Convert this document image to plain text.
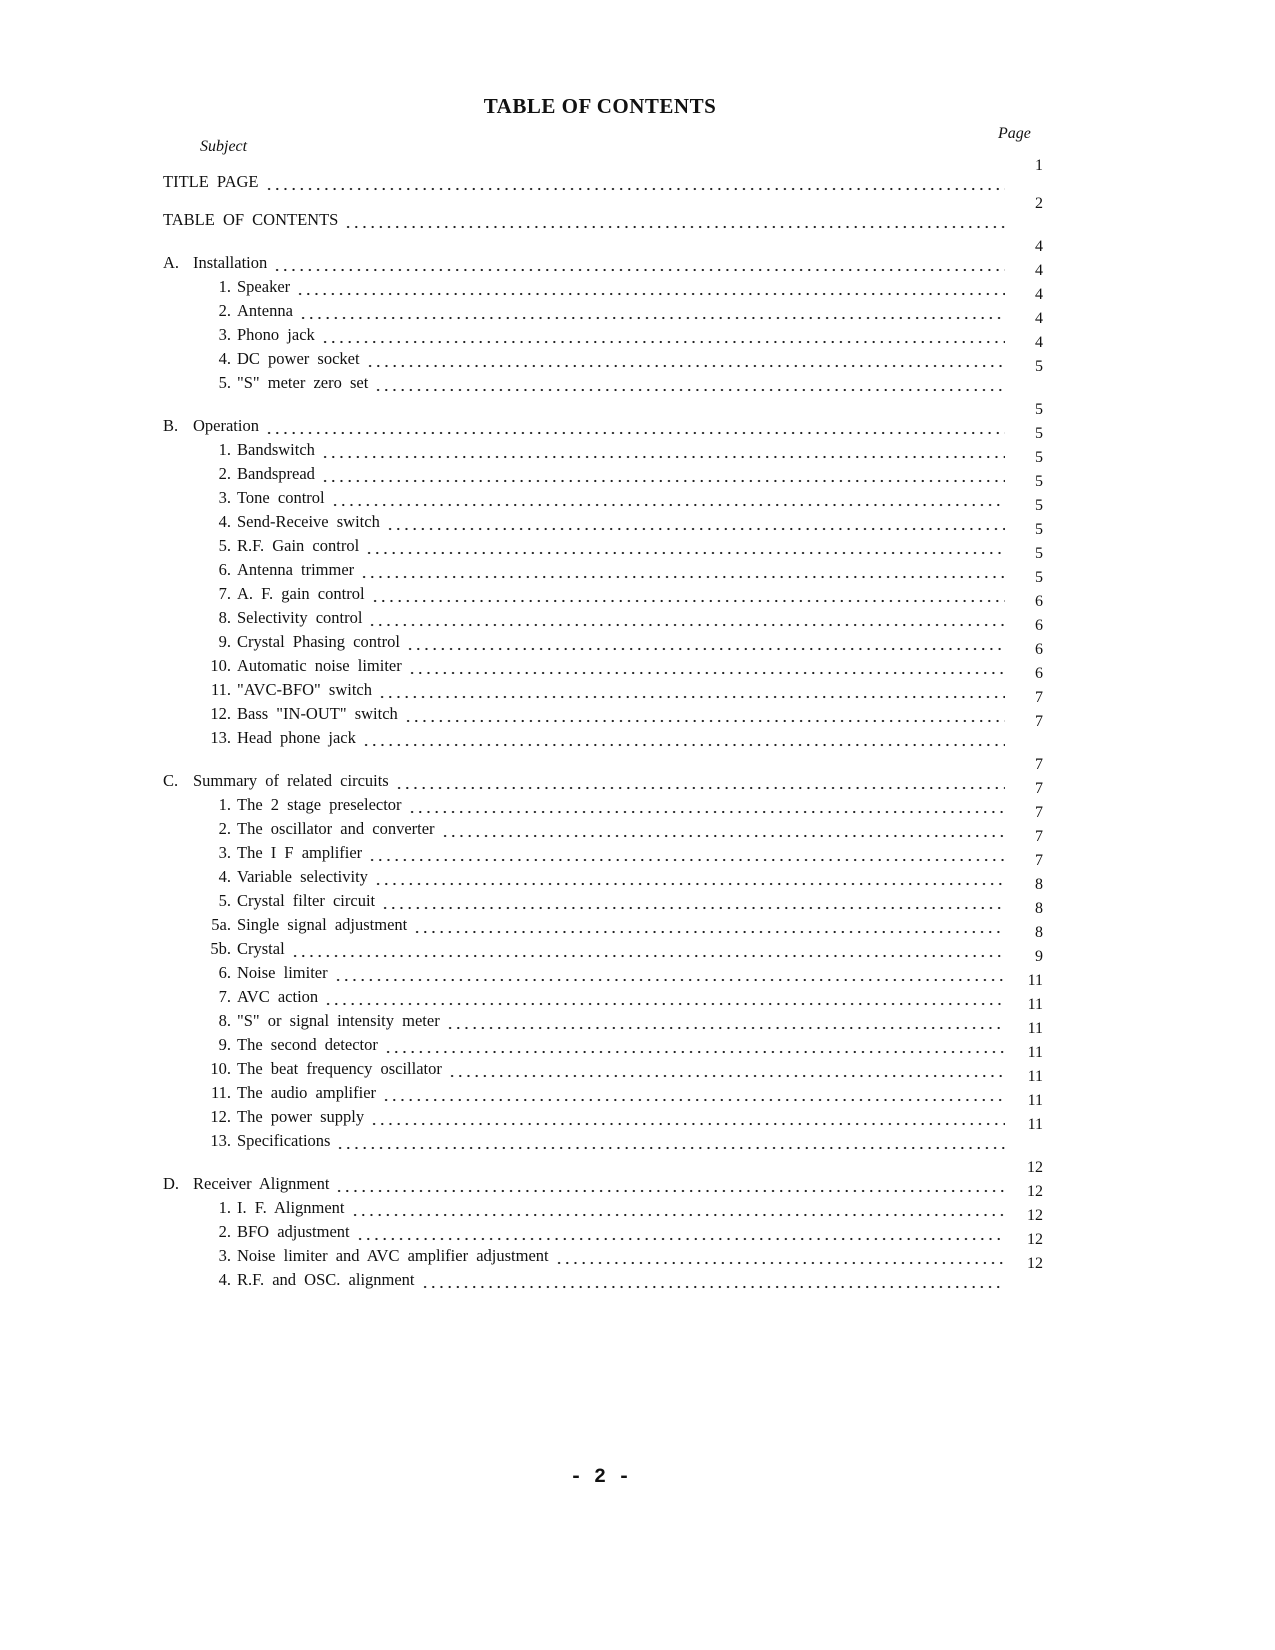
TABLE OF CONTENTS
Subject
Page
TITLE PAGE
1
TABLE OF CONTENTS
2
A. Installation
4
1. Speaker
4
2. Antenna
4
3. Phono jack
4
4. DC power socket
4
5. "S" meter zero set
5
B. Operation
5
1. Bandswitch
5
2. Bandspread
5
3. Tone control
5
4. Send-Receive switch
5
5. R.F. Gain control
5
6. Antenna trimmer
5
7. A. F. gain control
5
8. Selectivity control
6
9. Crystal Phasing control
6
10. Automatic noise limiter
6
11. "AVC-BFO" switch
6
12. Bass "IN-OUT" switch
7
13. Head phone jack
7
C. Summary of related circuits
7
1. The 2 stage preselector
7
2. The oscillator and converter
7
3. The I F amplifier
7
4. Variable selectivity
7
5. Crystal filter circuit
8
5a. Single signal adjustment
8
5b. Crystal
8
6. Noise limiter
9
7. AVC action
11
8. "S" or signal intensity meter
11
9. The second detector
11
10. The beat frequency oscillator
11
11. The audio amplifier
11
12. The power supply
11
13. Specifications
11
D. Receiver Alignment
12
1. I. F. Alignment
12
2. BFO adjustment
12
3. Noise limiter and AVC amplifier adjustment
12
4. R.F. and OSC. alignment
12
- 2 -
